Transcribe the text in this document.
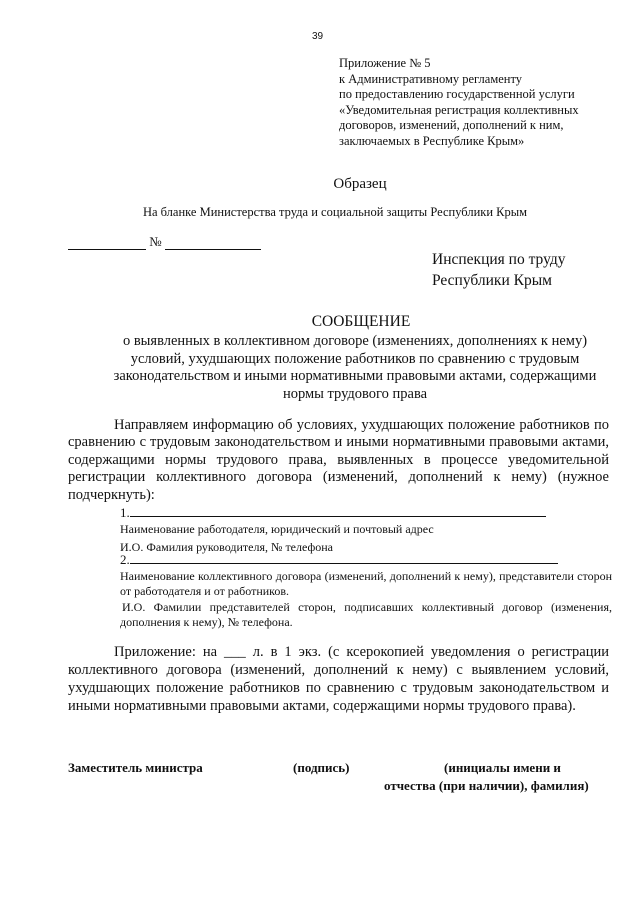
39
Приложение № 5
к Административному регламенту
по предоставлению государственной услуги
«Уведомительная регистрация коллективных
договоров, изменений, дополнений к ним,
заключаемых в Республике Крым»
Образец
На бланке Министерства труда и социальной защиты Республики Крым
№
Инспекция по труду
Республики Крым
СООБЩЕНИЕ
о выявленных в коллективном договоре (изменениях, дополнениях к нему)
условий, ухудшающих положение работников по сравнению с трудовым
законодательством и иными нормативными правовыми актами, содержащими
нормы трудового права
Направляем информацию об условиях, ухудшающих положение работников по сравнению с трудовым законодательством и иными нормативными правовыми актами, содержащими нормы трудового права, выявленных в процессе уведомительной регистрации коллективного договора (изменений, дополнений к нему) (нужное подчеркнуть):
1.
Наименование работодателя, юридический и почтовый адрес
И.О. Фамилия руководителя, № телефона
2.
Наименование коллективного договора (изменений, дополнений к нему), представители сторон от работодателя и от работников.
И.О. Фамилии представителей сторон, подписавших коллективный договор (изменения, дополнения к нему), № телефона.
Приложение: на ___ л. в 1 экз. (с ксерокопией уведомления о регистрации коллективного договора (изменений, дополнений к нему) с выявлением условий, ухудшающих положение работников по сравнению с трудовым законодательством и иными нормативными правовыми актами, содержащими нормы трудового права).
Заместитель министра	(подпись)	(инициалы имени и
отчества (при наличии), фамилия)
